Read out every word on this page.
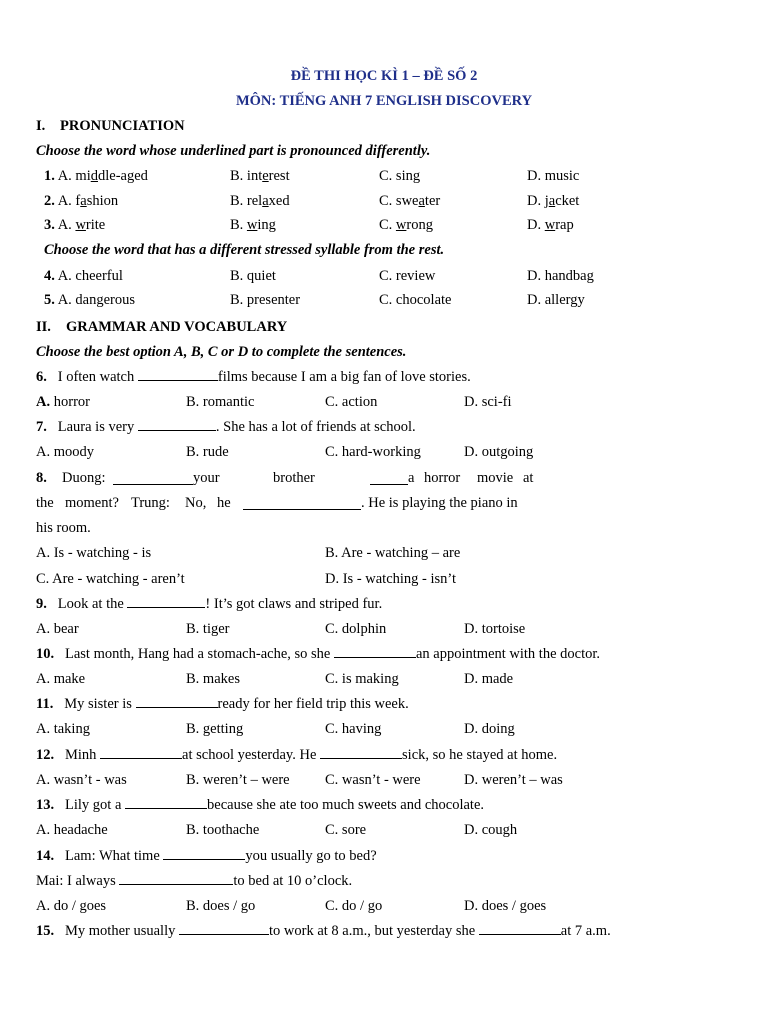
ĐỀ THI HỌC KÌ 1 – ĐỀ SỐ 2
MÔN: TIẾNG ANH 7 ENGLISH DISCOVERY
I. PRONUNCIATION
Choose the word whose underlined part is pronounced differently.
1. A. middle-aged	B. interest	C. sing	D. music
2. A. fashion	B. relaxed	C. sweater	D. jacket
3. A. write	B. wing	C. wrong	D. wrap
Choose the word that has a different stressed syllable from the rest.
4. A. cheerful	B. quiet	C. review	D. handbag
5. A. dangerous	B. presenter	C. chocolate	D. allergy
II. GRAMMAR AND VOCABULARY
Choose the best option A, B, C or D to complete the sentences.
6. I often watch	films because I am a big fan of love stories.
A. horror	B. romantic	C. action	D. sci-fi
7. Laura is very	. She has a lot of friends at school.
A. moody	B. rude	C. hard-working	D. outgoing
8. Duong:	your	brother	a horror movie at
the moment? Trung: No, he	. He is playing the piano in
his room.
A. Is - watching - is	B. Are - watching – are
C. Are - watching - aren’t	D. Is - watching - isn’t
9. Look at the	! It’s got claws and striped fur.
A. bear	B. tiger	C. dolphin	D. tortoise
10. Last month, Hang had a stomach-ache, so she	an appointment with the doctor.
A. make	B. makes	C. is making	D. made
11. My sister is	ready for her field trip this week.
A. taking	B. getting	C. having	D. doing
12. Minh	at school yesterday. He	sick, so he stayed at home.
A. wasn’t - was	B. weren’t – were C. wasn’t - were	D. weren’t – was
13. Lily got a	because she ate too much sweets and chocolate.
A. headache	B. toothache	C. sore	D. cough
14. Lam: What time	you usually go to bed?
Mai: I always	to bed at 10 o’clock.
A. do / goes	B. does / go	C. do / go	D. does / goes
15. My mother usually	to work at 8 a.m., but yesterday she	at 7 a.m.
